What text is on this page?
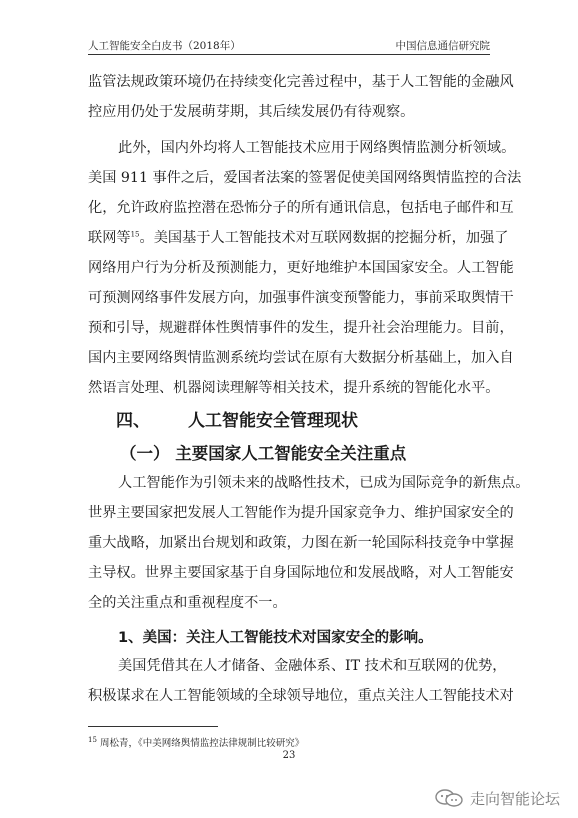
人工智能安全白皮书（2018年）	中国信息通信研究院
监管法规政策环境仍在持续变化完善过程中，基于人工智能的金融风
控应用仍处于发展萌芽期，其后续发展仍有待观察。
此外，国内外均将人工智能技术应用于网络舆情监测分析领域。
美国 911 事件之后，爱国者法案的签署促使美国网络舆情监控的合法
化，允许政府监控潜在恐怖分子的所有通讯信息，包括电子邮件和互
联网等$^{15}$。美国基于人工智能技术对互联网数据的挖掘分析，加强了
网络用户行为分析及预测能力，更好地维护本国国家安全。人工智能
可预测网络事件发展方向，加强事件演变预警能力，事前采取舆情干
预和引导，规避群体性舆情事件的发生，提升社会治理能力。目前，
国内主要网络舆情监测系统均尝试在原有大数据分析基础上，加入自
然语言处理、机器阅读理解等相关技术，提升系统的智能化水平。
四、 人工智能安全管理现状
（一） 主要国家人工智能安全关注重点
人工智能作为引领未来的战略性技术，已成为国际竞争的新焦点。
世界主要国家把发展人工智能作为提升国家竞争力、维护国家安全的
重大战略，加紧出台规划和政策，力图在新一轮国际科技竞争中掌握
主导权。世界主要国家基于自身国际地位和发展战略，对人工智能安
全的关注重点和重视程度不一。
1、美国：关注人工智能技术对国家安全的影响。
美国凭借其在人才储备、金融体系、IT 技术和互联网的优势，
积极谋求在人工智能领域的全球领导地位，重点关注人工智能技术对
$^{15}$ 周松青，《中美网络舆情监控法律规制比较研究》
23
走向智能论坛
